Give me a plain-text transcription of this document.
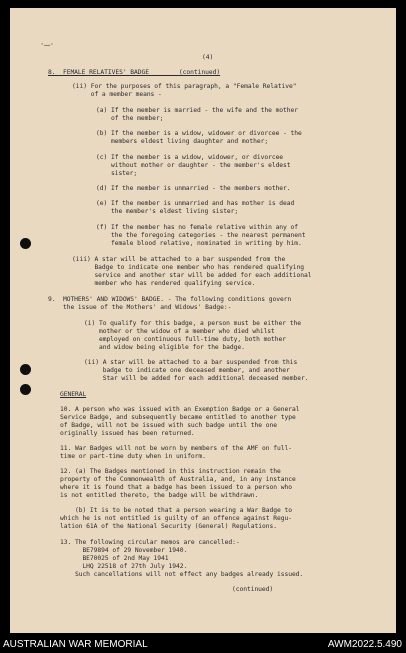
'ꟷ'
(4)
8.  FEMALE RELATIVES' BADGE        (continued)
(ii) For the purposes of this paragraph, a "Female Relative"
of a member means -
(a) If the member is married - the wife and the mother
of the member;
(b) If the member is a widow, widower or divorcee - the
members eldest living daughter and mother;
(c) If the member is a widow, widower, or divorcee
without mother or daughter - the member's eldest
sister;
(d) If the member is unmarried - the members mother.
(e) If the member is unmarried and has mother is dead
the member's eldest living sister;
(f) If the member has no female relative within any of
the the foregoing categories - the nearest permanent
female blood relative, nominated in writing by him.
(iii) A star will be attached to a bar suspended from the
Badge to indicate one member who has rendered qualifying
service and another star will be added for each additional
member who has rendered qualifying service.
9.  MOTHERS' AND WIDOWS' BADGE. - The following conditions govern
the issue of the Mothers' and Widows' Badge:-
(i) To qualify for this badge, a person must be either the
mother or the widow of a member who died whilst
employed on continuous full-time duty, both mother
and widow being eligible for the badge.
(ii) A star will be attached to a bar suspended from this
badge to indicate one deceased member, and another
Star will be added for each additional deceased member.
GENERAL
10. A person who was issued with an Exemption Badge or a General
Service Badge, and subsequently became entitled to another type
of Badge, will not be issued with such badge until the one
originally issued has been returned.
11. War Badges will not be worn by members of the AMF on full-
time or part-time duty when in uniform.
12. (a) The Badges mentioned in this instruction remain the
property of the Commonwealth of Australia, and, in any instance
where it is found that a badge has been issued to a person who
is not entitled thereto, the badge will be withdrawn.
(b) It is to be noted that a person wearing a War Badge to
which he is not entitled is guilty of an offence against Regu-
lation 61A of the National Security (General) Regulations.
13. The following circular memos are cancelled:-
BE79894 of 29 November 1940.
BE70025 of 2nd May 1941
LHQ 22518 of 27th July 1942.
Such cancellations will not effect any badges already issued.
(continued)
AUSTRALIAN WAR MEMORIAL	AWM2022.5.490
